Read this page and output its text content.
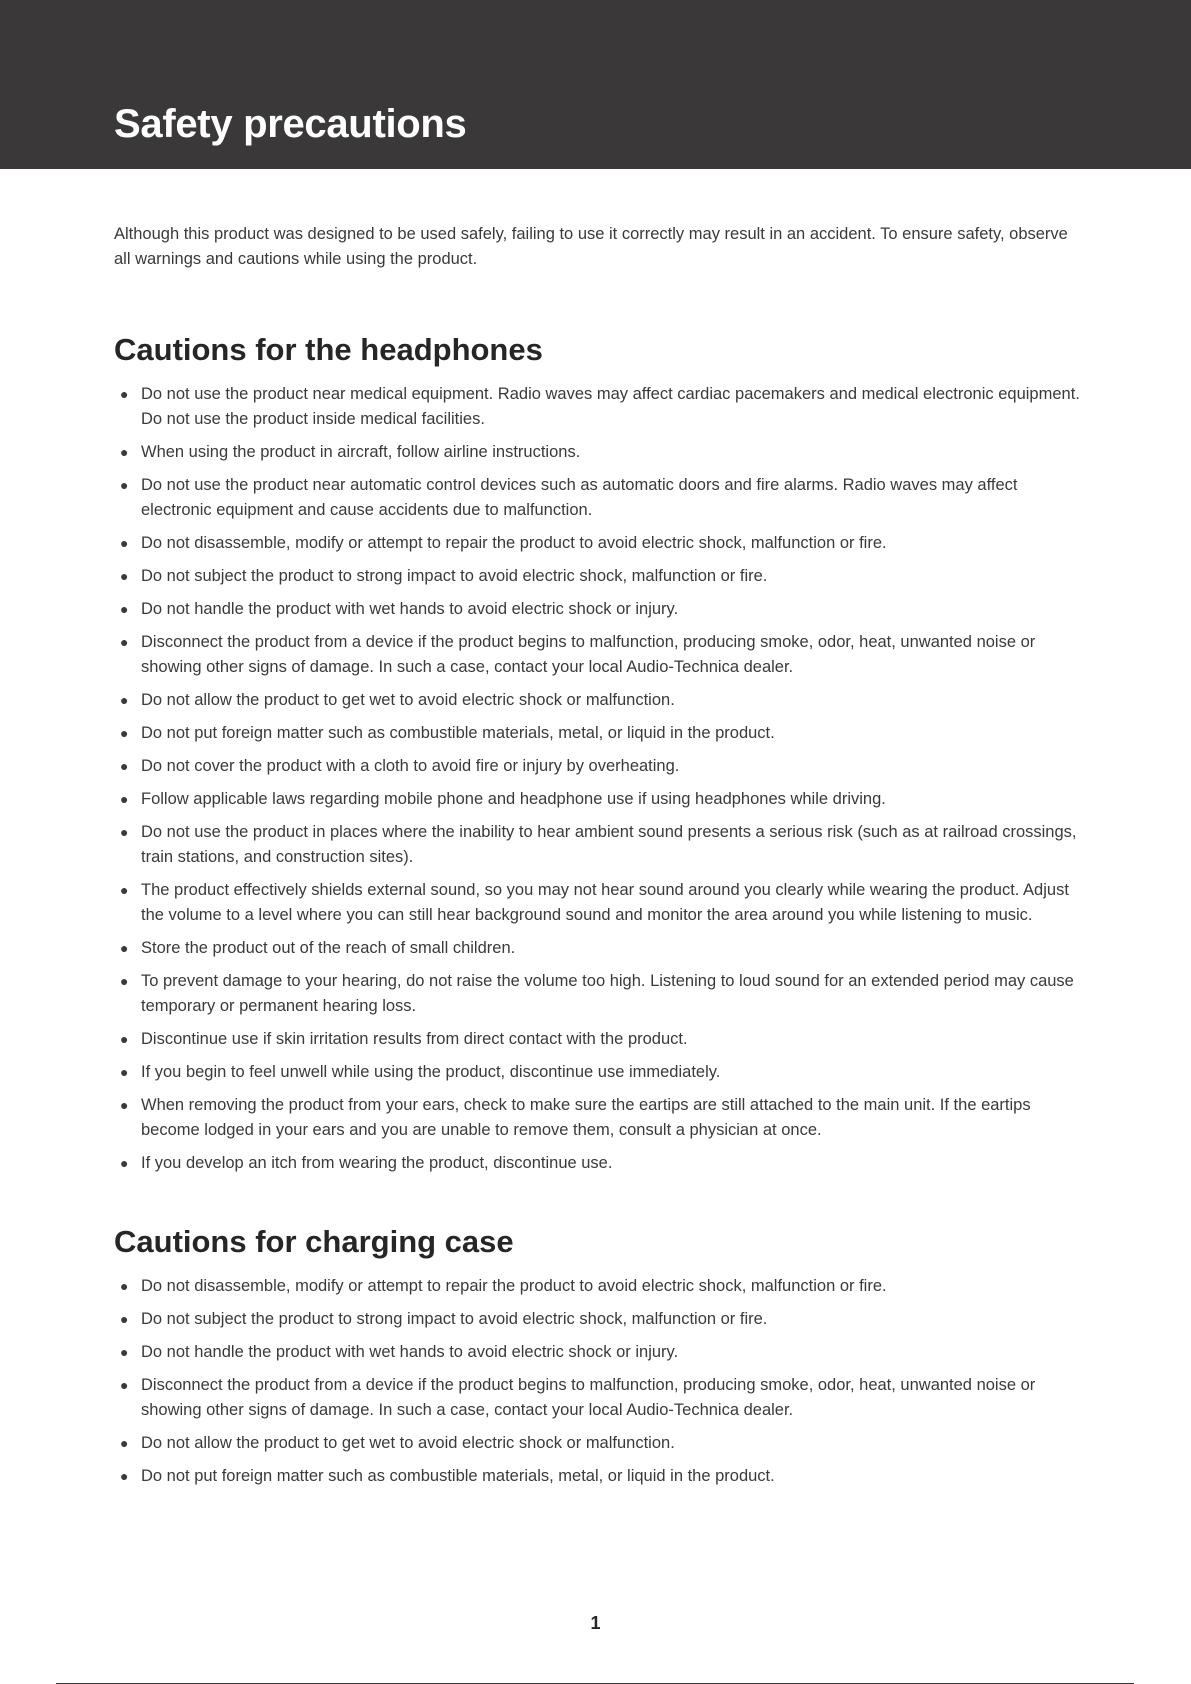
Safety precautions

Although this product was designed to be used safely, failing to use it correctly may result in an accident. To ensure safety, observe all warnings and cautions while using the product.

Cautions for the headphones
● Do not use the product near medical equipment. Radio waves may affect cardiac pacemakers and medical electronic equipment. Do not use the product inside medical facilities.
● When using the product in aircraft, follow airline instructions.
● Do not use the product near automatic control devices such as automatic doors and fire alarms. Radio waves may affect electronic equipment and cause accidents due to malfunction.
● Do not disassemble, modify or attempt to repair the product to avoid electric shock, malfunction or fire.
● Do not subject the product to strong impact to avoid electric shock, malfunction or fire.
● Do not handle the product with wet hands to avoid electric shock or injury.
● Disconnect the product from a device if the product begins to malfunction, producing smoke, odor, heat, unwanted noise or showing other signs of damage. In such a case, contact your local Audio-Technica dealer.
● Do not allow the product to get wet to avoid electric shock or malfunction.
● Do not put foreign matter such as combustible materials, metal, or liquid in the product.
● Do not cover the product with a cloth to avoid fire or injury by overheating.
● Follow applicable laws regarding mobile phone and headphone use if using headphones while driving.
● Do not use the product in places where the inability to hear ambient sound presents a serious risk (such as at railroad crossings, train stations, and construction sites).
● The product effectively shields external sound, so you may not hear sound around you clearly while wearing the product. Adjust the volume to a level where you can still hear background sound and monitor the area around you while listening to music.
● Store the product out of the reach of small children.
● To prevent damage to your hearing, do not raise the volume too high. Listening to loud sound for an extended period may cause temporary or permanent hearing loss.
● Discontinue use if skin irritation results from direct contact with the product.
● If you begin to feel unwell while using the product, discontinue use immediately.
● When removing the product from your ears, check to make sure the eartips are still attached to the main unit. If the eartips become lodged in your ears and you are unable to remove them, consult a physician at once.
● If you develop an itch from wearing the product, discontinue use.
Cautions for charging case
● Do not disassemble, modify or attempt to repair the product to avoid electric shock, malfunction or fire.
● Do not subject the product to strong impact to avoid electric shock, malfunction or fire.
● Do not handle the product with wet hands to avoid electric shock or injury.
● Disconnect the product from a device if the product begins to malfunction, producing smoke, odor, heat, unwanted noise or showing other signs of damage. In such a case, contact your local Audio-Technica dealer.
● Do not allow the product to get wet to avoid electric shock or malfunction.
● Do not put foreign matter such as combustible materials, metal, or liquid in the product.
1
